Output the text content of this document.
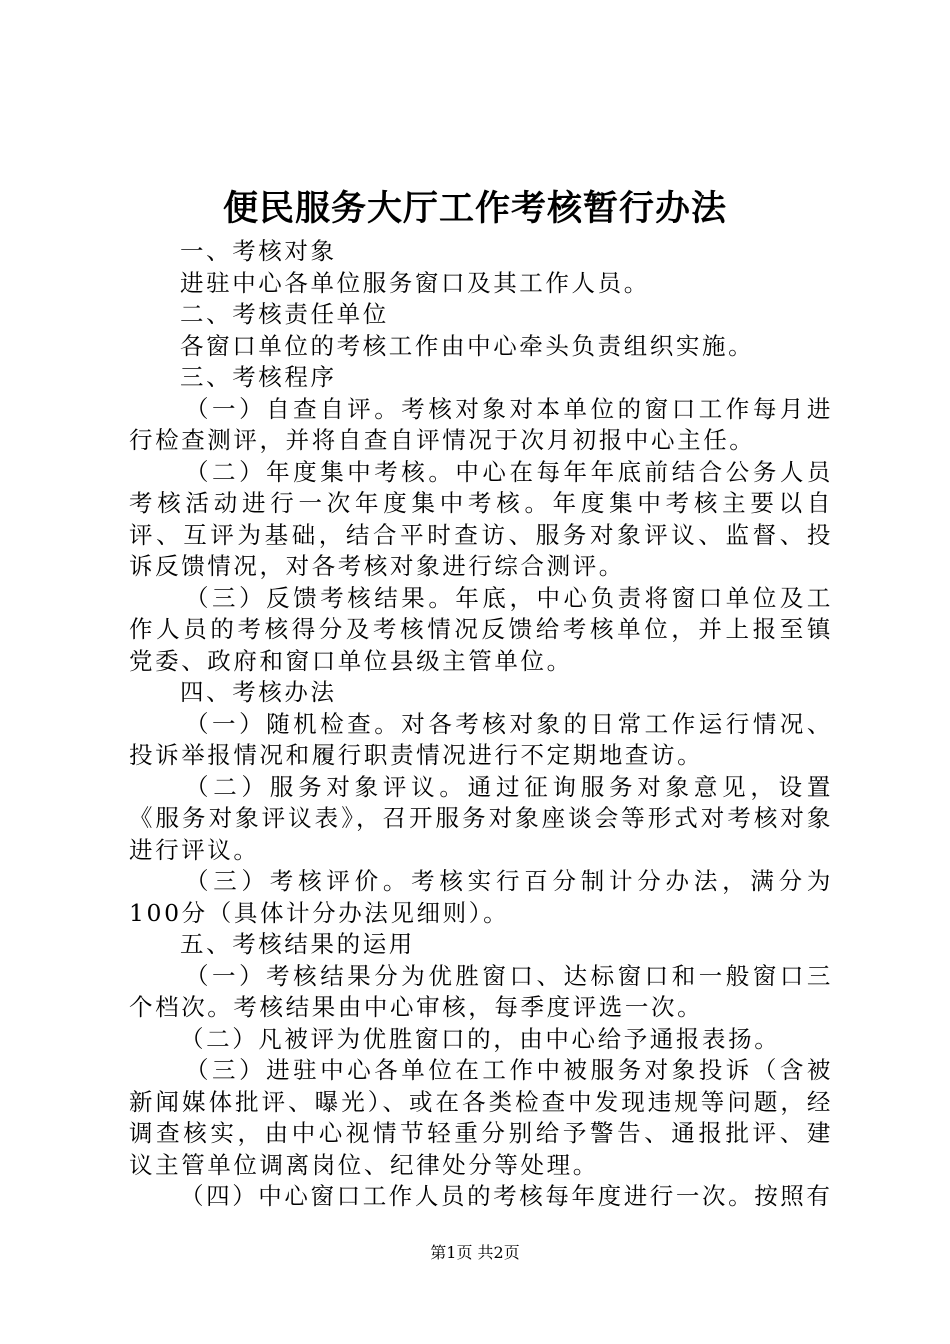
便民服务大厅工作考核暂行办法

一、考核对象

进驻中心各单位服务窗口及其工作人员。

二、考核责任单位

各窗口单位的考核工作由中心牵头负责组织实施。

三、考核程序

（一）自查自评。考核对象对本单位的窗口工作每月进行检查测评，并将自查自评情况于次月初报中心主任。

（二）年度集中考核。中心在每年年底前结合公务人员考核活动进行一次年度集中考核。年度集中考核主要以自评、互评为基础，结合平时查访、服务对象评议、监督、投诉反馈情况，对各考核对象进行综合测评。

（三）反馈考核结果。年底，中心负责将窗口单位及工作人员的考核得分及考核情况反馈给考核单位，并上报至镇党委、政府和窗口单位县级主管单位。

四、考核办法

（一）随机检查。对各考核对象的日常工作运行情况、投诉举报情况和履行职责情况进行不定期地查访。

（二）服务对象评议。通过征询服务对象意见，设置《服务对象评议表》，召开服务对象座谈会等形式对考核对象进行评议。

（三）考核评价。考核实行百分制计分办法，满分为100分（具体计分办法见细则）。

五、考核结果的运用

（一）考核结果分为优胜窗口、达标窗口和一般窗口三个档次。考核结果由中心审核，每季度评选一次。

（二）凡被评为优胜窗口的，由中心给予通报表扬。

（三）进驻中心各单位在工作中被服务对象投诉（含被新闻媒体批评、曝光）、或在各类检查中发现违规等问题，经调查核实，由中心视情节轻重分别给予警告、通报批评、建议主管单位调离岗位、纪律处分等处理。

（四）中心窗口工作人员的考核每年度进行一次。按照有

第1页 共2页
